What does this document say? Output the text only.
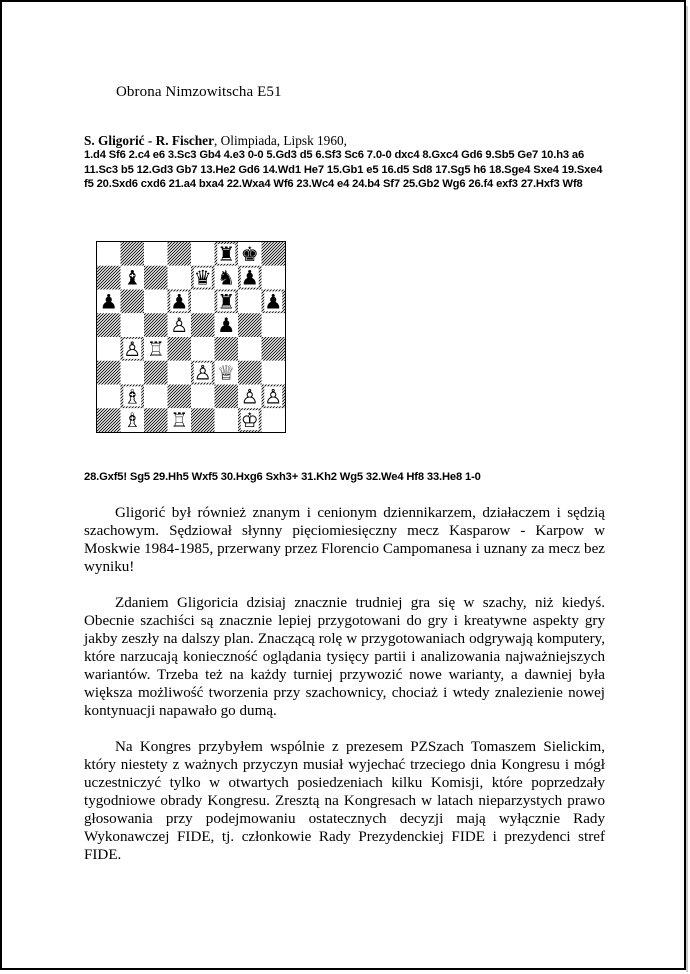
Obrona Nimzowitscha E51
S. Gligorić - R. Fischer, Olimpiada, Lipsk 1960,
1.d4 Sf6 2.c4 e6 3.Sc3 Gb4 4.e3 0-0 5.Gd3 d5 6.Sf3 Sc6 7.0-0 dxc4 8.Gxc4 Gd6 9.Sb5 Ge7 10.h3 a6 11.Sc3 b5 12.Gd3 Gb7 13.He2 Gd6 14.Wd1 He7 15.Gb1 e5 16.d5 Sd8 17.Sg5 h6 18.Sge4 Sxe4 19.Sxe4 f5 20.Sxd6 cxd6 21.a4 bxa4 22.Wxa4 Wf6 23.Wc4 e4 24.b4 Sf7 25.Gb2 Wg6 26.f4 exf3 27.Hxf3 Wf8
♜ ♚
♝	♛ ♞ ♟
♟	♟ ♜ ♟
♙ ♟
♙ ♖
♙ ♕
♗	♙ ♙
♗ ♖	♔
28.Gxf5! Sg5 29.Hh5 Wxf5 30.Hxg6 Sxh3+ 31.Kh2 Wg5 32.We4 Hf8 33.He8 1-0
Gligorić był również znanym i cenionym dziennikarzem, działaczem i sędzią szachowym. Sędziował słynny pięciomiesięczny mecz Kasparow - Karpow w Moskwie 1984-1985, przerwany przez Florencio Campomanesa i uznany za mecz bez wyniku!
Zdaniem Gligoricia dzisiaj znacznie trudniej gra się w szachy, niż kiedyś. Obecnie szachiści są znacznie lepiej przygotowani do gry i kreatywne aspekty gry jakby zeszły na dalszy plan. Znaczącą rolę w przygotowaniach odgrywają komputery, które narzucają konieczność oglądania tysięcy partii i analizowania najważniejszych wariantów. Trzeba też na każdy turniej przywozić nowe warianty, a dawniej była większa możliwość tworzenia przy szachownicy, chociaż i wtedy znalezienie nowej kontynuacji napawało go dumą.
Na Kongres przybyłem wspólnie z prezesem PZSzach Tomaszem Sielickim, który niestety z ważnych przyczyn musiał wyjechać trzeciego dnia Kongresu i mógł uczestniczyć tylko w otwartych posiedzeniach kilku Komisji, które poprzedzały tygodniowe obrady Kongresu. Zresztą na Kongresach w latach nieparzystych prawo głosowania przy podejmowaniu ostatecznych decyzji mają wyłącznie Rady Wykonawczej FIDE, tj. członkowie Rady Prezydenckiej FIDE i prezydenci stref FIDE.
